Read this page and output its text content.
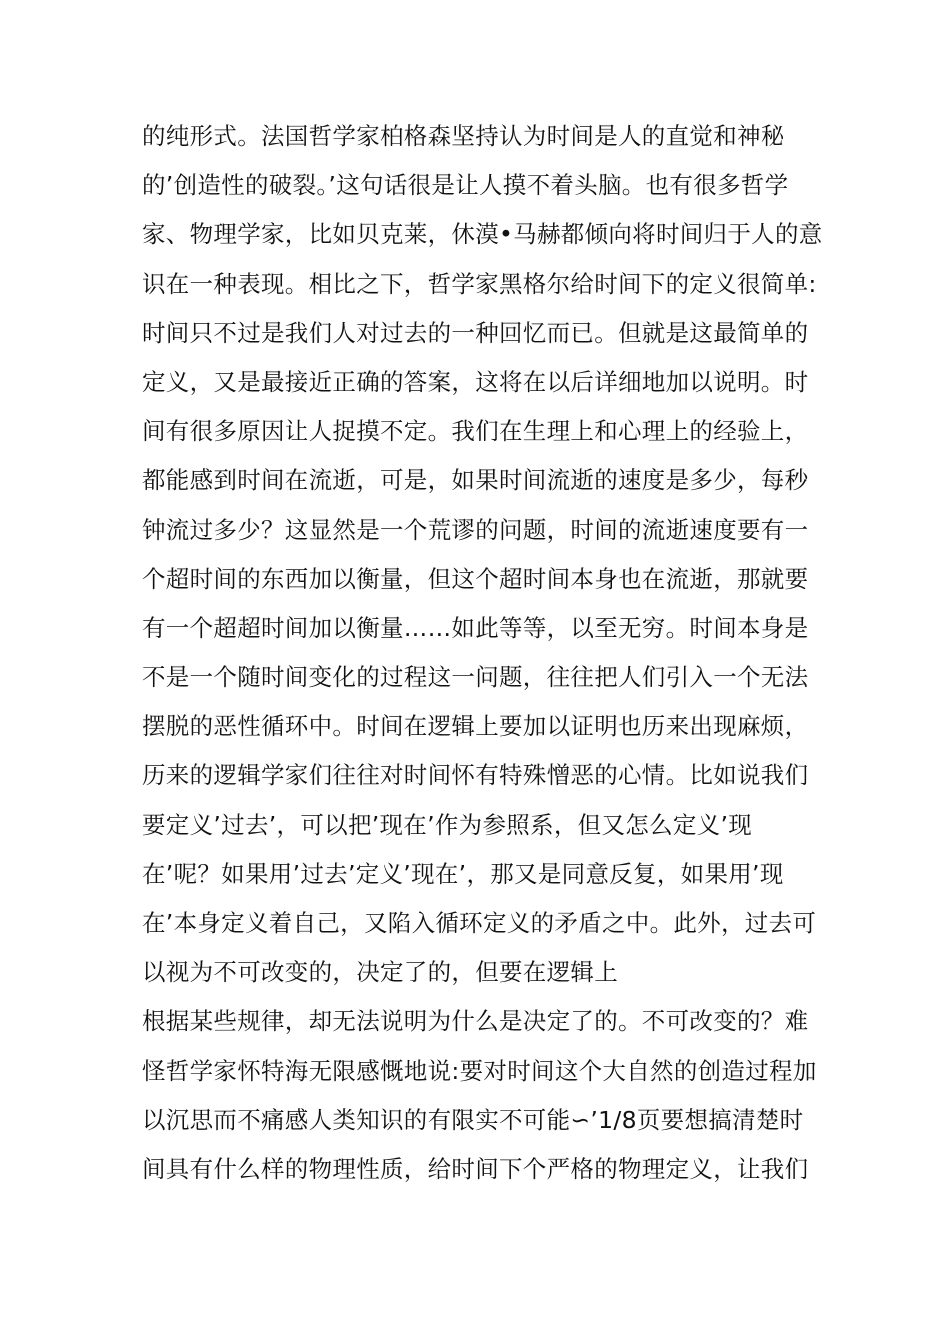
的纯形式。法国哲学家柏格森坚持认为时间是人的直觉和神秘
的’创造性的破裂。’这句话很是让人摸不着头脑。也有很多哲学
家、物理学家，比如贝克莱，休漠•马赫都倾向将时间归于人的意
识在一种表现。相比之下，哲学家黑格尔给时间下的定义很简单:
时间只不过是我们人对过去的一种回忆而已。但就是这最简单的
定义，又是最接近正确的答案，这将在以后详细地加以说明。时
间有很多原因让人捉摸不定。我们在生理上和心理上的经验上，
都能感到时间在流逝，可是，如果时间流逝的速度是多少，每秒
钟流过多少？这显然是一个荒谬的问题，时间的流逝速度要有一
个超时间的东西加以衡量，但这个超时间本身也在流逝，那就要
有一个超超时间加以衡量……如此等等，以至无穷。时间本身是
不是一个随时间变化的过程这一问题，往往把人们引入一个无法
摆脱的恶性循环中。时间在逻辑上要加以证明也历来出现麻烦，
历来的逻辑学家们往往对时间怀有特殊憎恶的心情。比如说我们
要定义’过去’，可以把’现在’作为参照系，但又怎么定义’现
在’呢？如果用’过去’定义’现在’，那又是同意反复，如果用’现
在’本身定义着自己，又陷入循环定义的矛盾之中。此外，过去可
以视为不可改变的，决定了的，但要在逻辑上
根据某些规律，却无法说明为什么是决定了的。不可改变的？难
怪哲学家怀特海无限感慨地说:要对时间这个大自然的创造过程加
以沉思而不痛感人类知识的有限实不可能∽’1/8页要想搞清楚时
间具有什么样的物理性质，给时间下个严格的物理定义，让我们
